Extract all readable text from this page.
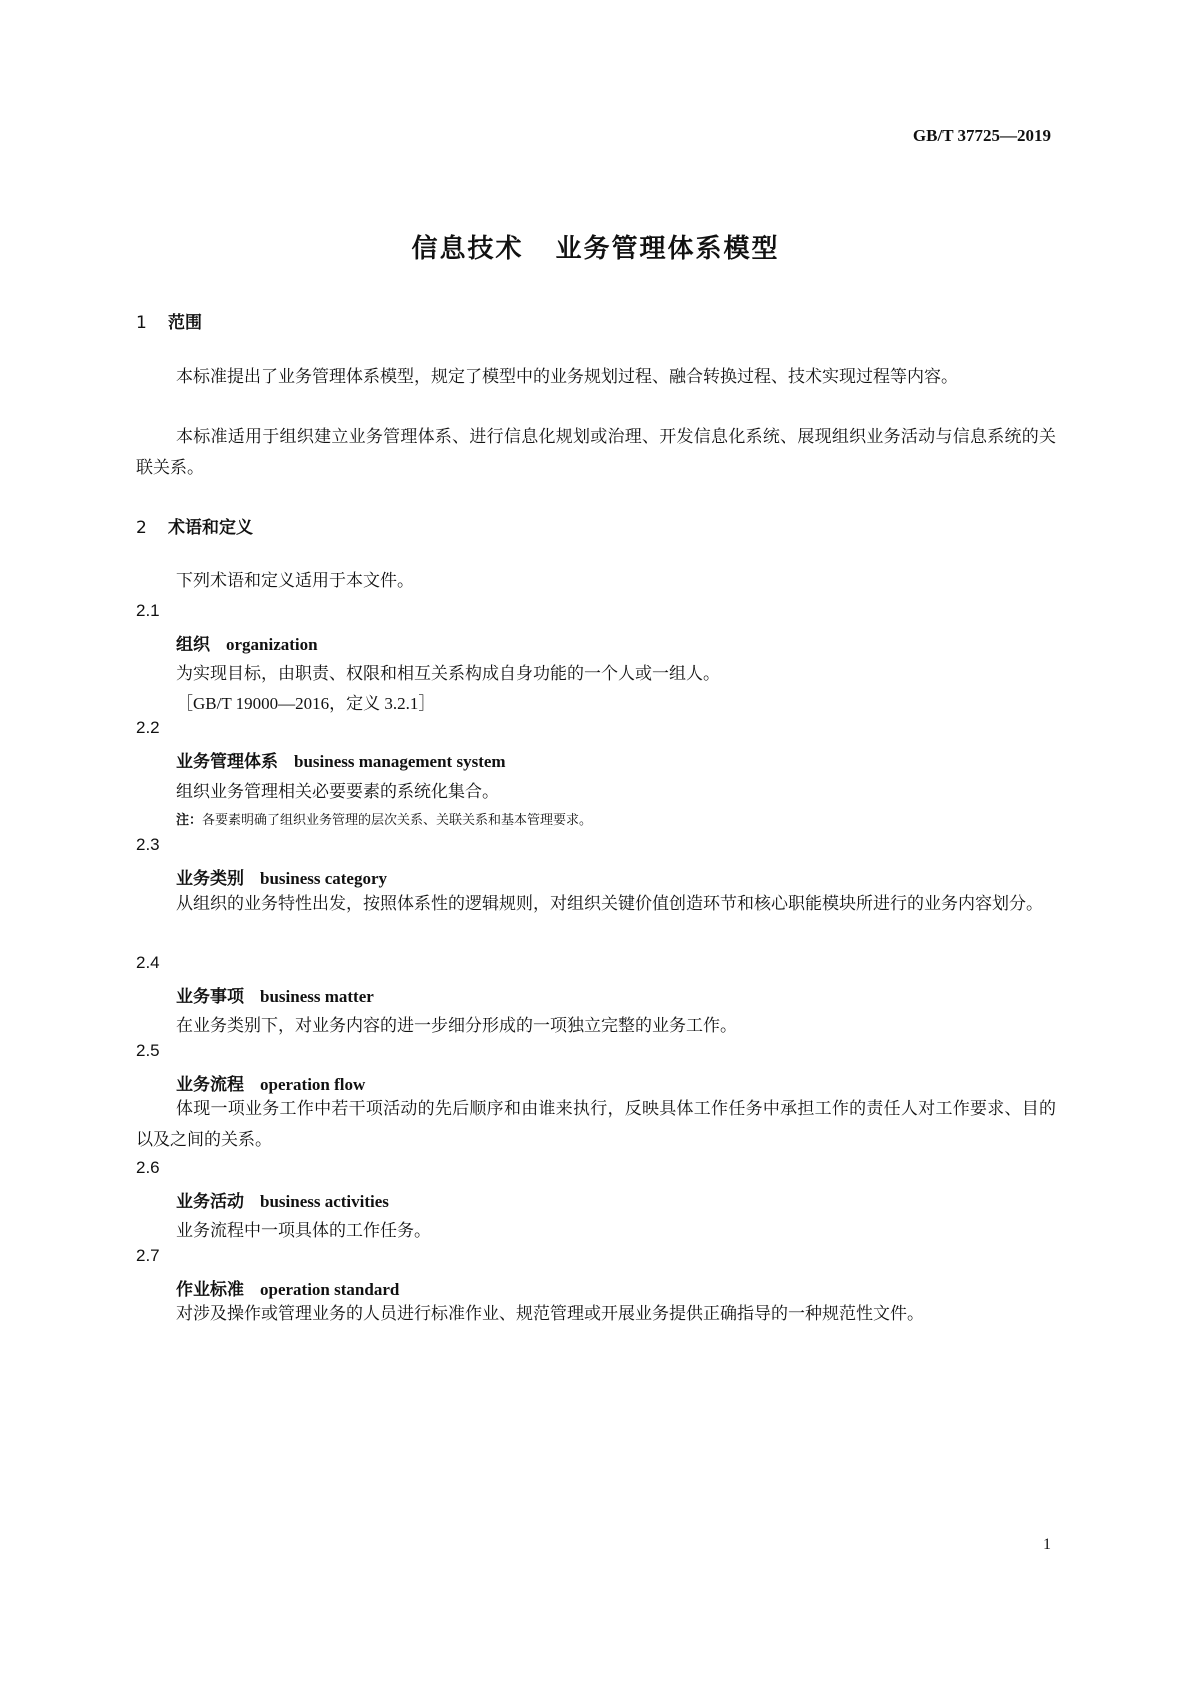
GB/T 37725—2019
信息技术 业务管理体系模型
1 范围

本标准提出了业务管理体系模型，规定了模型中的业务规划过程、融合转换过程、技术实现过程等内容。

本标准适用于组织建立业务管理体系、进行信息化规划或治理、开发信息化系统、展现组织业务活动与信息系统的关联关系。

2 术语和定义

下列术语和定义适用于本文件。

2.1
组织 organization
为实现目标，由职责、权限和相互关系构成自身功能的一个人或一组人。
［GB/T 19000—2016，定义 3.2.1］
2.2
业务管理体系 business management system
组织业务管理相关必要要素的系统化集合。
注：各要素明确了组织业务管理的层次关系、关联关系和基本管理要求。
2.3
业务类别 business category

从组织的业务特性出发，按照体系性的逻辑规则，对组织关键价值创造环节和核心职能模块所进行的业务内容划分。

2.4
业务事项 business matter
在业务类别下，对业务内容的进一步细分形成的一项独立完整的业务工作。
2.5
业务流程 operation flow

体现一项业务工作中若干项活动的先后顺序和由谁来执行，反映具体工作任务中承担工作的责任人对工作要求、目的以及之间的关系。

2.6
业务活动 business activities
业务流程中一项具体的工作任务。
2.7
作业标准 operation standard

对涉及操作或管理业务的人员进行标准作业、规范管理或开展业务提供正确指导的一种规范性文件。

1
